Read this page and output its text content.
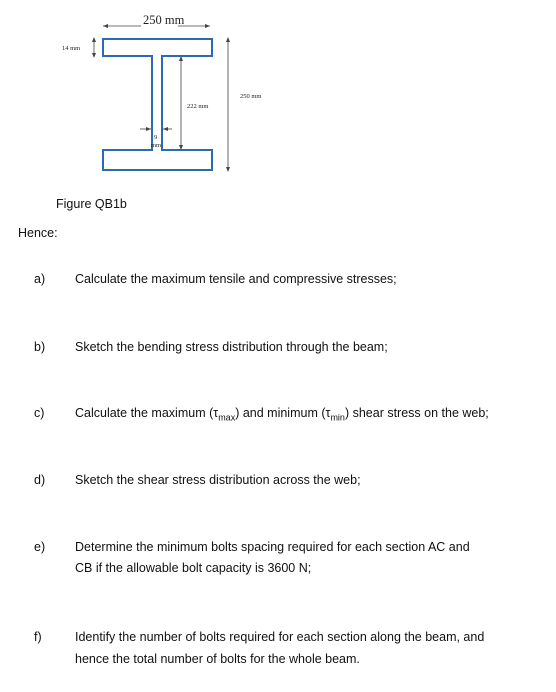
250 mm
14 mm
222 mm
250 mm
9
mm
Figure QB1b
Hence:
a) Calculate the maximum tensile and compressive stresses;
b) Sketch the bending stress distribution through the beam;
c) Calculate the maximum $(\tau_{max})$ and minimum $(\tau_{min})$ shear stress on the web;
d) Sketch the shear stress distribution across the web;
e) Determine the minimum bolts spacing required for each section AC and
CB if the allowable bolt capacity is 3600 N;
f)	Identify the number of bolts required for each section along the beam, and
hence the total number of bolts for the whole beam.
